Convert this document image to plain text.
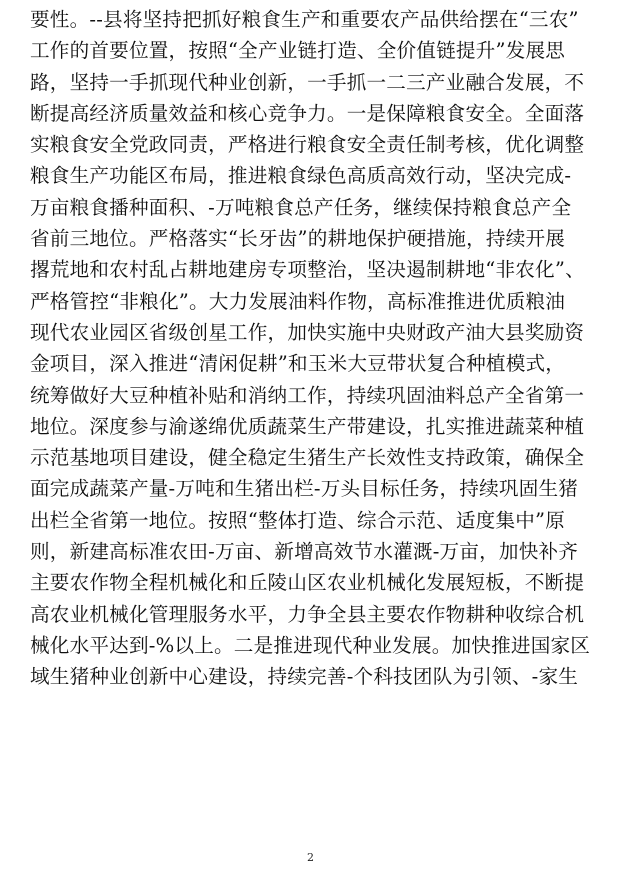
要性。--县将坚持把抓好粮食生产和重要农产品供给摆在“三农”
工作的首要位置，按照“全产业链打造、全价值链提升”发展思
路，坚持一手抓现代种业创新，一手抓一二三产业融合发展，不
断提高经济质量效益和核心竞争力。一是保障粮食安全。全面落
实粮食安全党政同责，严格进行粮食安全责任制考核，优化调整
粮食生产功能区布局，推进粮食绿色高质高效行动，坚决完成-
万亩粮食播种面积、-万吨粮食总产任务，继续保持粮食总产全
省前三地位。严格落实“长牙齿”的耕地保护硬措施，持续开展
撂荒地和农村乱占耕地建房专项整治，坚决遏制耕地“非农化”、
严格管控“非粮化”。大力发展油料作物，高标准推进优质粮油
现代农业园区省级创星工作，加快实施中央财政产油大县奖励资
金项目，深入推进“清闲促耕”和玉米大豆带状复合种植模式，
统筹做好大豆种植补贴和消纳工作，持续巩固油料总产全省第一
地位。深度参与渝遂绵优质蔬菜生产带建设，扎实推进蔬菜种植
示范基地项目建设，健全稳定生猪生产长效性支持政策，确保全
面完成蔬菜产量-万吨和生猪出栏-万头目标任务，持续巩固生猪
出栏全省第一地位。按照“整体打造、综合示范、适度集中”原
则，新建高标准农田-万亩、新增高效节水灌溉-万亩，加快补齐
主要农作物全程机械化和丘陵山区农业机械化发展短板，不断提
高农业机械化管理服务水平，力争全县主要农作物耕种收综合机
械化水平达到-%以上。二是推进现代种业发展。加快推进国家区
域生猪种业创新中心建设，持续完善-个科技团队为引领、-家生
2
